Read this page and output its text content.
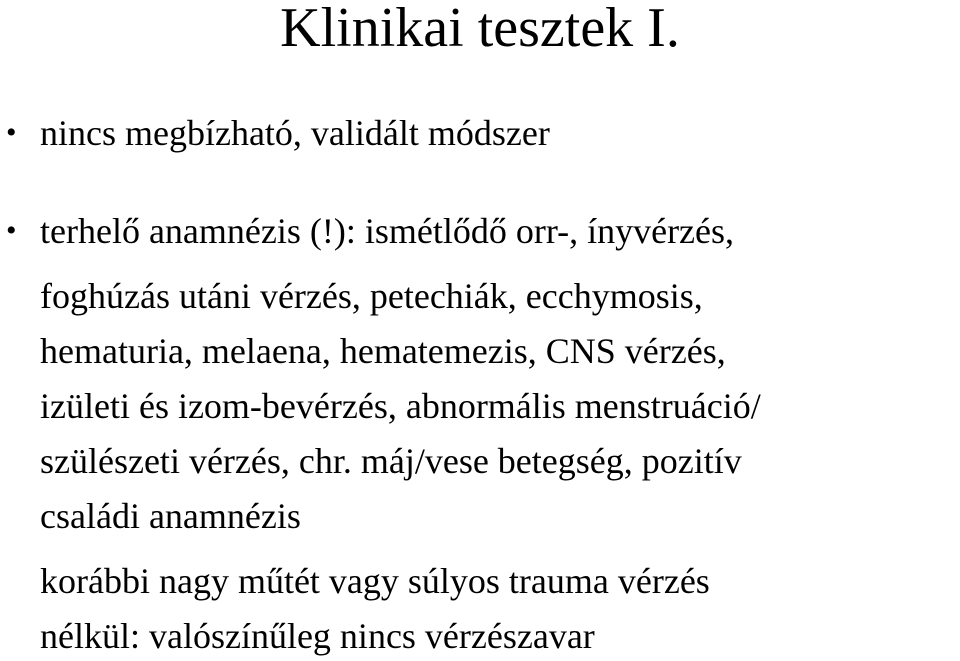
Klinikai tesztek I.
• nincs megbízható, validált módszer
• terhelő anamnézis (!): ismétlődő orr-, ínyvérzés,
foghúzás utáni vérzés, petechiák, ecchymosis,
hematuria, melaena, hematemezis, CNS vérzés,
izületi és izom-bevérzés, abnormális menstruáció/
szülészeti vérzés, chr. máj/vese betegség, pozitív
családi anamnézis
korábbi nagy műtét vagy súlyos trauma vérzés
nélkül: valószínűleg nincs vérzészavar
